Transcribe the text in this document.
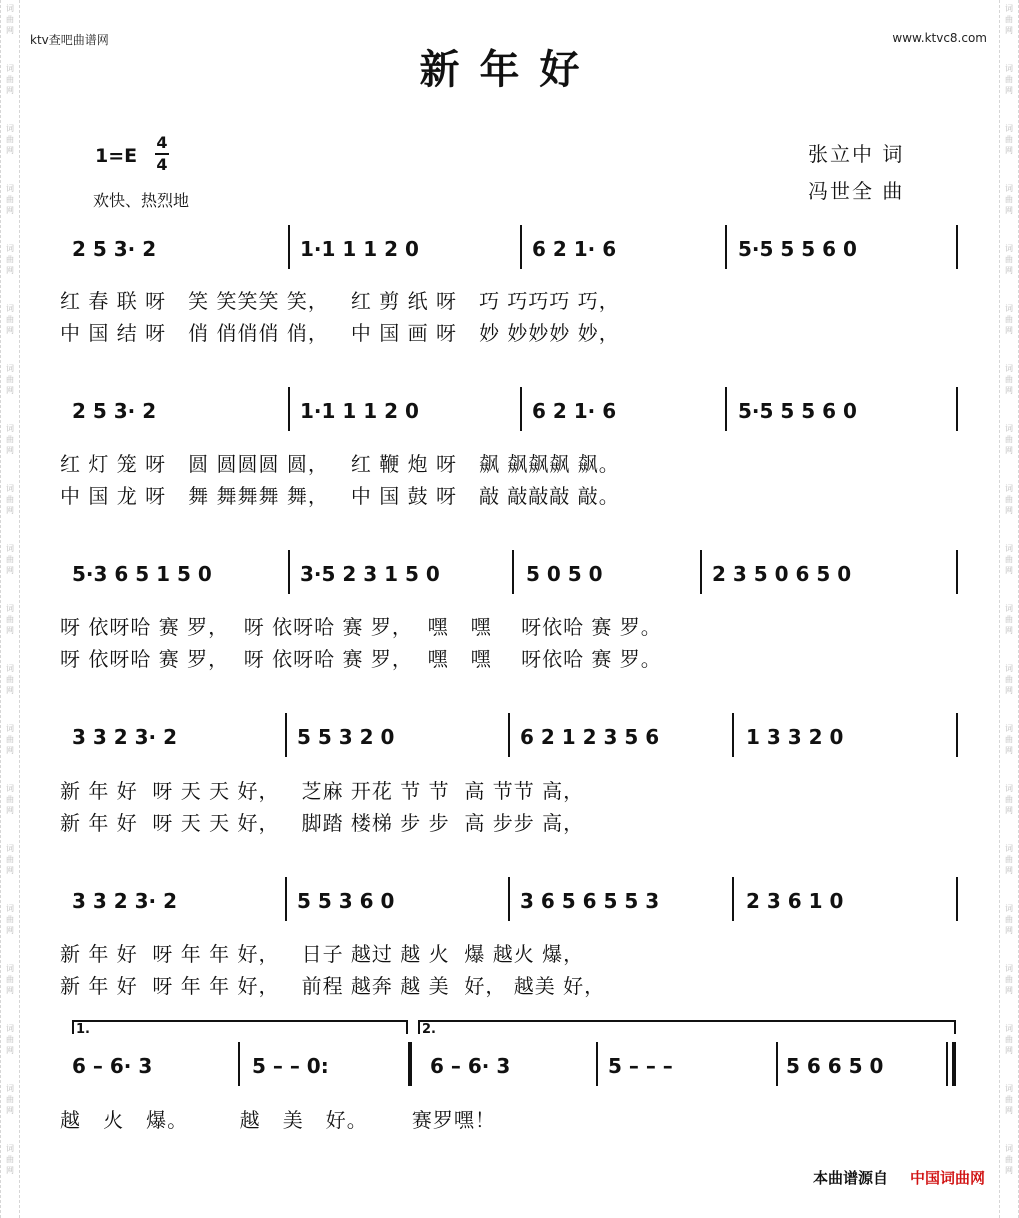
词
曲
网
词
曲
网
词
曲
网
词
曲
网
词
曲
网
词
曲
网
词
曲
网
词
曲
网
词
曲
网
词
曲
网
词
曲
网
词
曲
网
词
曲
网
词
曲
网
词
曲
网
词
曲
网
词
曲
网
词
曲
网
词
曲
网
词
曲
网
词
曲
网
词
曲
网
词
曲
网
词
曲
网
词
曲
网
词
曲
网
词
曲
网
词
曲
网
词
曲
网
词
曲
网
词
曲
网
词
曲
网
词
曲
网
词
曲
网
词
曲
网
词
曲
网
词
曲
网
词
曲
网
词
曲
网
词
曲
网
ktv查吧曲谱网	www.ktvc8.com
新年好
1=E
4
4
欢快、热烈地
张立中 词
冯世全 曲
2 5 3· 2	1·1 1 1 2 0	6 2 1· 6	5·5 5 5 6 0
红 春 联 呀   笑 笑笑笑 笑，   红 剪 纸 呀   巧 巧巧巧 巧，
中 国 结 呀   俏 俏俏俏 俏，   中 国 画 呀   妙 妙妙妙 妙，
2 5 3· 2	1·1 1 1 2 0	6 2 1· 6	5·5 5 5 6 0
红 灯 笼 呀   圆 圆圆圆 圆，   红 鞭 炮 呀   飙 飙飙飙 飙。
中 国 龙 呀   舞 舞舞舞 舞，   中 国 鼓 呀   敲 敲敲敲 敲。
5·3 6 5 1 5 0	3·5 2 3 1 5 0	5 0 5 0	2 3 5 0 6 5 0
呀 依呀哈 赛 罗，  呀 依呀哈 赛 罗，  嘿   嘿    呀依哈 赛 罗。
呀 依呀哈 赛 罗，  呀 依呀哈 赛 罗，  嘿   嘿    呀依哈 赛 罗。
3 3 2 3· 2	5 5 3 2 0	6 2 1 2 3 5 6	1 3 3 2 0
新 年 好  呀 天 天 好，   芝麻 开花 节 节  高 节节 高，
新 年 好  呀 天 天 好，   脚踏 楼梯 步 步  高 步步 高，
3 3 2 3· 2	5 5 3 6 0	3 6 5 6 5 5 3	2 3 6 1 0
新 年 好  呀 年 年 好，   日子 越过 越 火  爆 越火 爆，
新 年 好  呀 年 年 好，   前程 越奔 越 美  好， 越美 好，
1.	2.
6 – 6· 3	5 – – 0:	6 – 6· 3	5 – – –	5 6 6 5 0
越   火   爆。       越   美   好。      赛罗嘿！
本曲谱源自 中国词曲网
